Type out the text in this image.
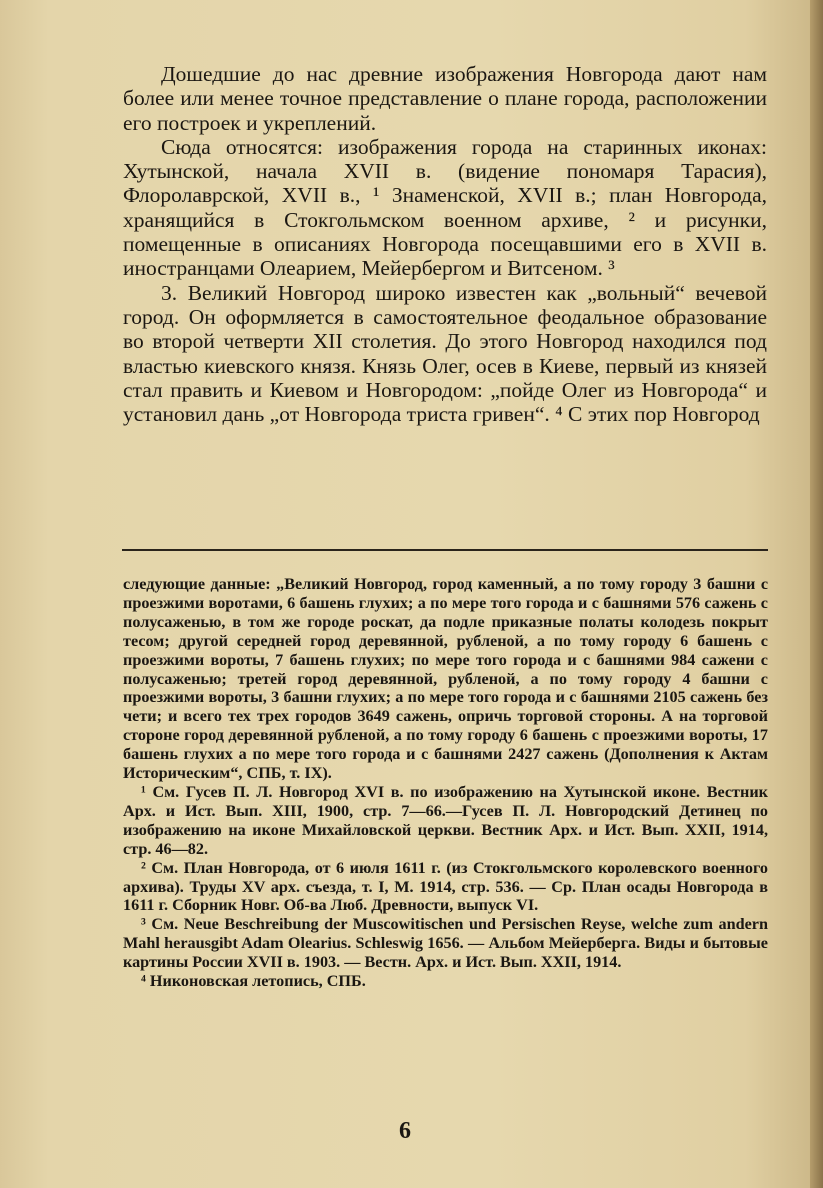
Дошедшие до нас древние изображения Новгорода дают нам более или менее точное представление о плане города, расположении его построек и укреплений.

Сюда относятся: изображения города на старинных иконах: Хутынской, начала XVII в. (видение пономаря Тарасия), Флоролаврской, XVII в., ¹ Знаменской, XVII в.; план Новгорода, хранящийся в Стокгольмском военном архиве, ² и рисунки, помещенные в описаниях Новгорода посещавшими его в XVII в. иностранцами Олеарием, Мейербергом и Витсеном. ³

3. Великий Новгород широко известен как „вольный“ вечевой город. Он оформляется в самостоятельное феодальное образование во второй четверти XII столетия. До этого Новгород находился под властью киевского князя. Князь Олег, осев в Киеве, первый из князей стал править и Киевом и Новгородом: „пойде Олег из Новгорода“ и установил дань „от Новгорода триста гривен“. ⁴ С этих пор Новгород

следующие данные: „Великий Новгород, город каменный, а по тому городу 3 башни с проезжими воротами, 6 башень глухих; а по мере того города и с башнями 576 сажень с полусаженью, в том же городе роскат, да подле приказные полаты колодезь покрыт тесом; другой середней город деревянной, рубленой, а по тому городу 6 башень с проезжими вороты, 7 башень глухих; по мере того города и с башнями 984 сажени с полусаженью; третей город деревянной, рубленой, а по тому городу 4 башни с проезжими вороты, 3 башни глухих; а по мере того города и с башнями 2105 сажень без чети; и всего тех трех городов 3649 сажень, опричь торговой стороны. А на торговой стороне город деревянной рубленой, а по тому городу 6 башень с проезжими вороты, 17 башень глухих а по мере того города и с башнями 2427 сажень (Дополнения к Актам Историческим“, СПБ, т. IX).

¹ См. Гусев П. Л. Новгород XVI в. по изображению на Хутынской иконе. Вестник Арх. и Ист. Вып. XIII, 1900, стр. 7—66.—Гусев П. Л. Новгородский Детинец по изображению на иконе Михайловской церкви. Вестник Арх. и Ист. Вып. XXII, 1914, стр. 46—82.

² См. План Новгорода, от 6 июля 1611 г. (из Стокгольмского королевского военного архива). Труды XV арх. съезда, т. I, М. 1914, стр. 536. — Ср. План осады Новгорода в 1611 г. Сборник Новг. Об-ва Люб. Древности, выпуск VI.

³ См. Neue Beschreibung der Muscowitischen und Persischen Reyse, welche zum andern Mahl herausgibt Adam Olearius. Schleswig 1656. — Альбом Мейерберга. Виды и бытовые картины России XVII в. 1903. — Вестн. Арх. и Ист. Вып. XXII, 1914.

⁴ Никоновская летопись, СПБ.

6
